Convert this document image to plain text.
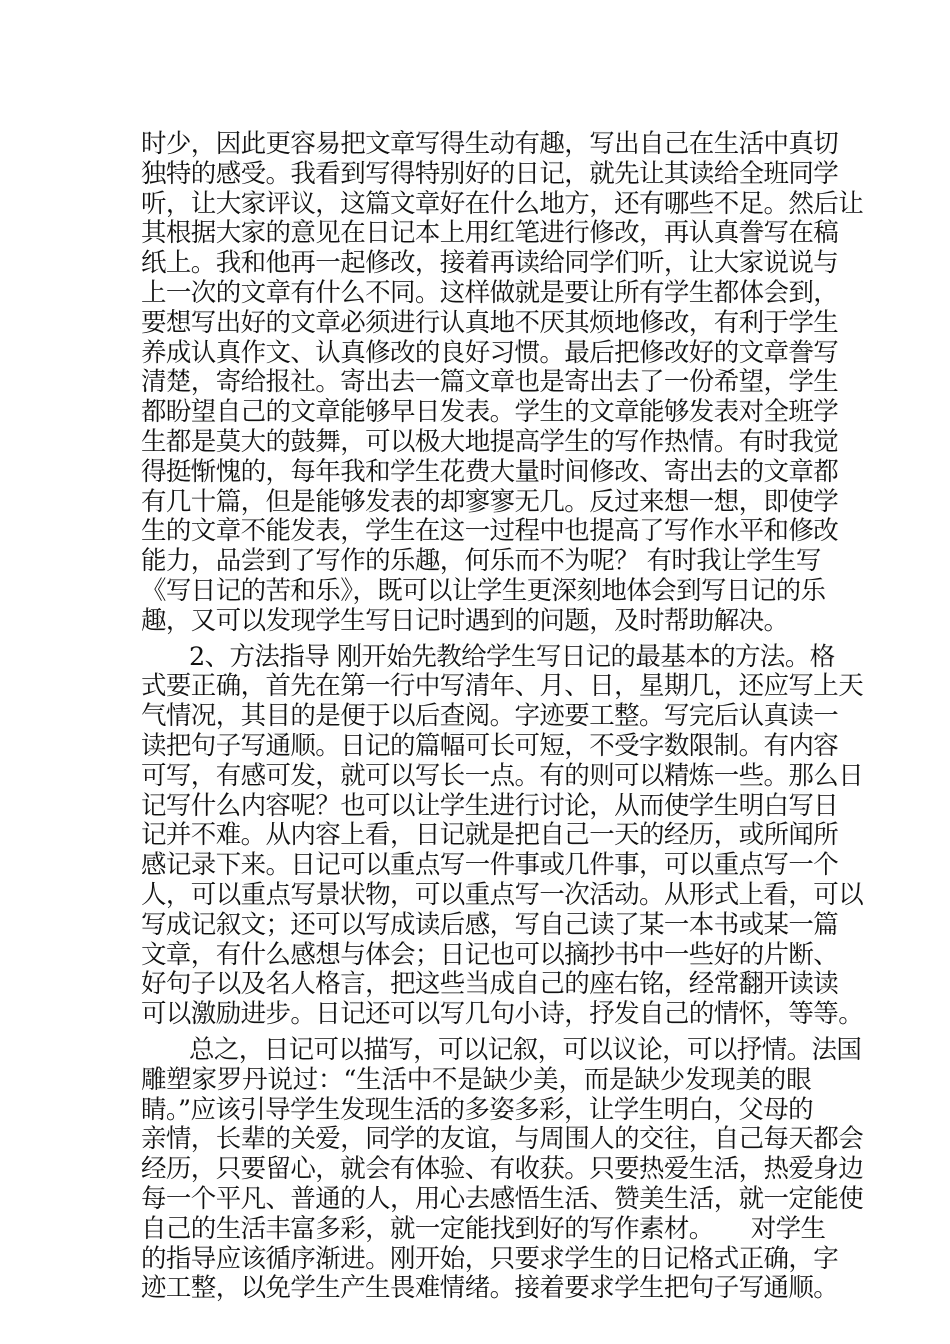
时少，因此更容易把文章写得生动有趣，写出自己在生活中真切
独特的感受。我看到写得特别好的日记，就先让其读给全班同学
听，让大家评议，这篇文章好在什么地方，还有哪些不足。然后让
其根据大家的意见在日记本上用红笔进行修改，再认真誊写在稿
纸上。我和他再一起修改，接着再读给同学们听，让大家说说与
上一次的文章有什么不同。这样做就是要让所有学生都体会到，
要想写出好的文章必须进行认真地不厌其烦地修改，有利于学生
养成认真作文、认真修改的良好习惯。最后把修改好的文章誊写
清楚，寄给报社。寄出去一篇文章也是寄出去了一份希望，学生
都盼望自己的文章能够早日发表。学生的文章能够发表对全班学
生都是莫大的鼓舞，可以极大地提高学生的写作热情。有时我觉
得挺惭愧的，每年我和学生花费大量时间修改、寄出去的文章都
有几十篇，但是能够发表的却寥寥无几。反过来想一想，即使学
生的文章不能发表，学生在这一过程中也提高了写作水平和修改
能力，品尝到了写作的乐趣，何乐而不为呢？ 有时我让学生写
《写日记的苦和乐》，既可以让学生更深刻地体会到写日记的乐
趣，又可以发现学生写日记时遇到的问题，及时帮助解决。
2、方法指导 刚开始先教给学生写日记的最基本的方法。格
式要正确，首先在第一行中写清年、月、日，星期几，还应写上天
气情况，其目的是便于以后查阅。字迹要工整。写完后认真读一
读把句子写通顺。日记的篇幅可长可短，不受字数限制。有内容
可写，有感可发，就可以写长一点。有的则可以精炼一些。那么日
记写什么内容呢？也可以让学生进行讨论，从而使学生明白写日
记并不难。从内容上看，日记就是把自己一天的经历，或所闻所
感记录下来。日记可以重点写一件事或几件事，可以重点写一个
人，可以重点写景状物，可以重点写一次活动。从形式上看，可以
写成记叙文；还可以写成读后感，写自己读了某一本书或某一篇
文章，有什么感想与体会；日记也可以摘抄书中一些好的片断、
好句子以及名人格言，把这些当成自己的座右铭，经常翻开读读
可以激励进步。日记还可以写几句小诗，抒发自己的情怀，等等。
总之，日记可以描写，可以记叙，可以议论，可以抒情。法国
雕塑家罗丹说过：“生活中不是缺少美，而是缺少发现美的眼
睛。”应该引导学生发现生活的多姿多彩，让学生明白，父母的
亲情，长辈的关爱，同学的友谊，与周围人的交往，自己每天都会
经历，只要留心，就会有体验、有收获。只要热爱生活，热爱身边
每一个平凡、普通的人，用心去感悟生活、赞美生活，就一定能使
自己的生活丰富多彩，就一定能找到好的写作素材。　　对学生
的指导应该循序渐进。刚开始，只要求学生的日记格式正确，字
迹工整，以免学生产生畏难情绪。接着要求学生把句子写通顺。
